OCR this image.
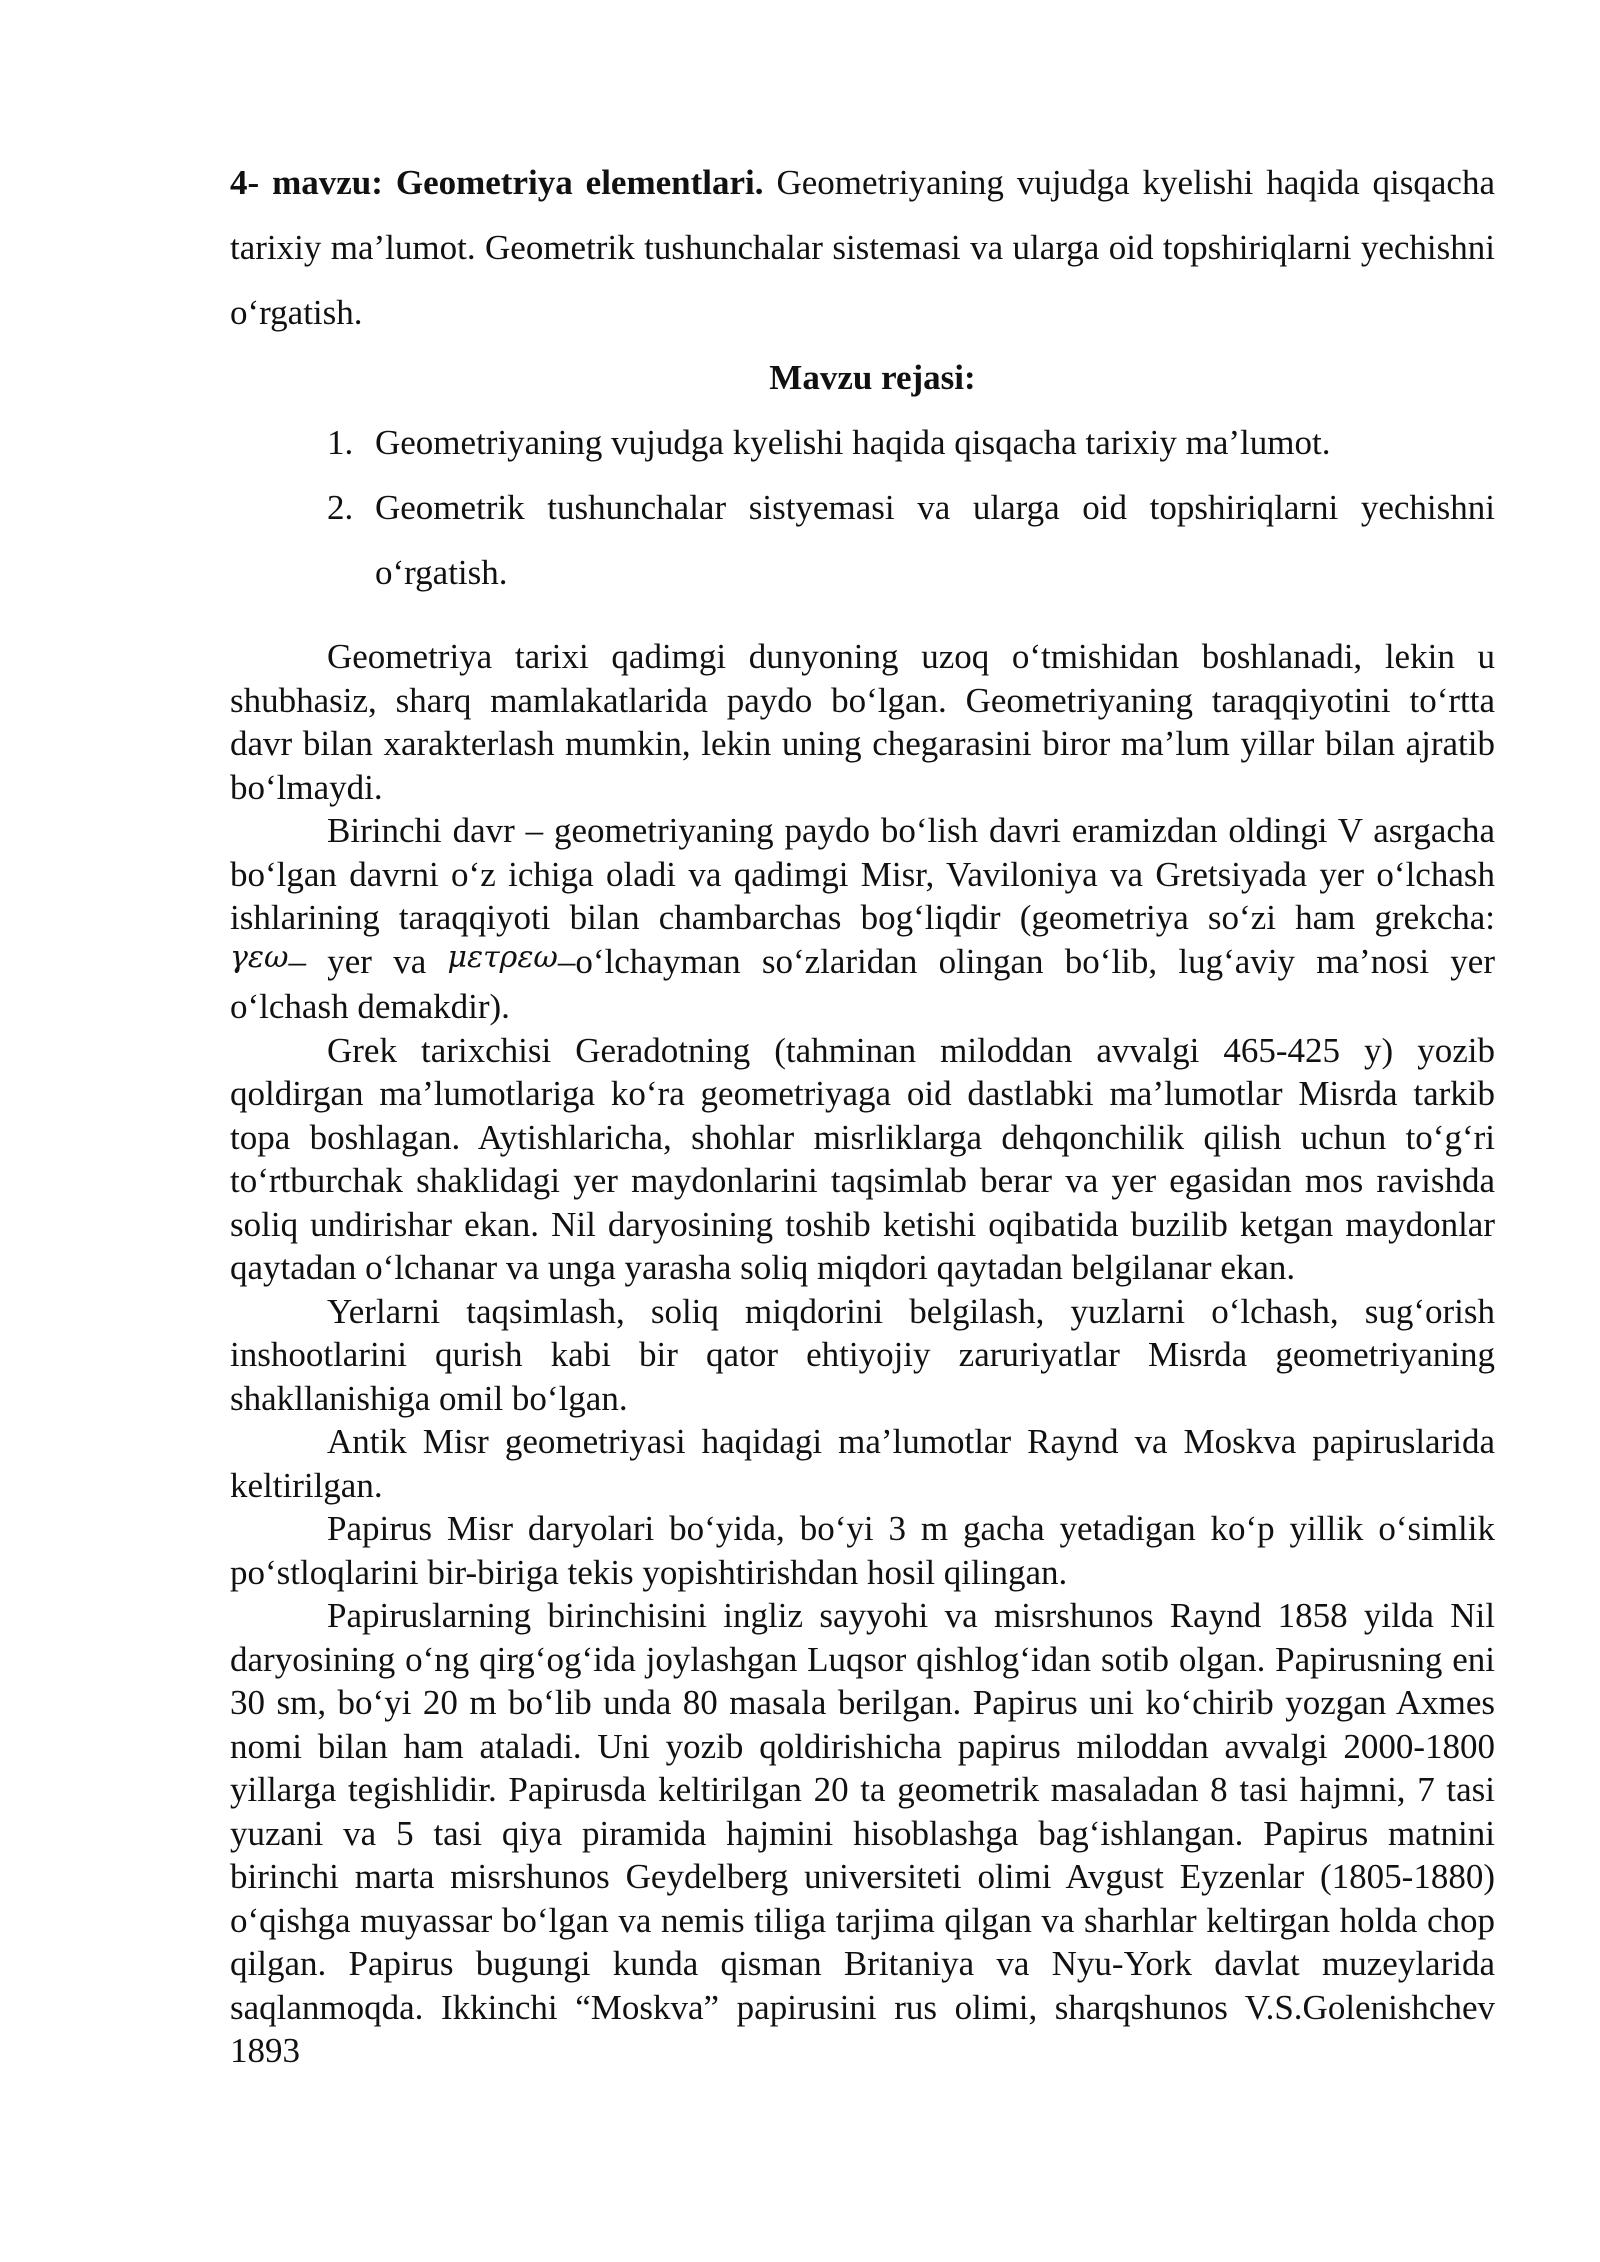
4- mavzu: Geometriya elementlari. Geometriyaning vujudga kyelishi haqida qisqacha tarixiy ma’lumot. Geometrik tushunchalar sistemasi va ularga oid topshiriqlarni yechishni o‘rgatish.

Mavzu rejasi:

1. Geometriyaning vujudga kyelishi haqida qisqacha tarixiy ma’lumot.
2. Geometrik tushunchalar sistyemasi va ularga oid topshiriqlarni yechishni o‘rgatish.

Geometriya tarixi qadimgi dunyoning uzoq o‘tmishidan boshlanadi, lekin u shubhasiz, sharq mamlakatlarida paydo bo‘lgan. Geometriyaning taraqqiyotini to‘rtta davr bilan xarakterlash mumkin, lekin uning chegarasini biror ma’lum yillar bilan ajratib bo‘lmaydi.

Birinchi davr – geometriyaning paydo bo‘lish davri eramizdan oldingi V asrgacha bo‘lgan davrni o‘z ichiga oladi va qadimgi Misr, Vaviloniya va Gretsiyada yer o‘lchash ishlarining taraqqiyoti bilan chambarchas bog‘liqdir (geometriya so‘zi ham grekcha: γεω– yer va μετρεω–o‘lchayman so‘zlaridan olingan bo‘lib, lug‘aviy ma’nosi yer o‘lchash demakdir).

Grek tarixchisi Geradotning (tahminan miloddan avvalgi 465-425 y) yozib qoldirgan ma’lumotlariga ko‘ra geometriyaga oid dastlabki ma’lumotlar Misrda tarkib topa boshlagan. Aytishlaricha, shohlar misrliklarga dehqonchilik qilish uchun to‘g‘ri to‘rtburchak shaklidagi yer maydonlarini taqsimlab berar va yer egasidan mos ravishda soliq undirishar ekan. Nil daryosining toshib ketishi oqibatida buzilib ketgan maydonlar qaytadan o‘lchanar va unga yarasha soliq miqdori qaytadan belgilanar ekan.

Yerlarni taqsimlash, soliq miqdorini belgilash, yuzlarni o‘lchash, sug‘orish inshootlarini qurish kabi bir qator ehtiyojiy zaruriyatlar Misrda geometriyaning shakllanishiga omil bo‘lgan.

Antik Misr geometriyasi haqidagi ma’lumotlar Raynd va Moskva papiruslarida keltirilgan.

Papirus Misr daryolari bo‘yida, bo‘yi 3 m gacha yetadigan ko‘p yillik o‘simlik po‘stloqlarini bir-biriga tekis yopishtirishdan hosil qilingan.

Papiruslarning birinchisini ingliz sayyohi va misrshunos Raynd 1858 yilda Nil daryosining o‘ng qirg‘og‘ida joylashgan Luqsor qishlog‘idan sotib olgan. Papirusning eni 30 sm, bo‘yi 20 m bo‘lib unda 80 masala berilgan. Papirus uni ko‘chirib yozgan Axmes nomi bilan ham ataladi. Uni yozib qoldirishicha papirus miloddan avvalgi 2000-1800 yillarga tegishlidir. Papirusda keltirilgan 20 ta geometrik masaladan 8 tasi hajmni, 7 tasi yuzani va 5 tasi qiya piramida hajmini hisoblashga bag‘ishlangan. Papirus matnini birinchi marta misrshunos Geydelberg universiteti olimi Avgust Eyzenlar (1805-1880) o‘qishga muyassar bo‘lgan va nemis tiliga tarjima qilgan va sharhlar keltirgan holda chop qilgan. Papirus bugungi kunda qisman Britaniya va Nyu-York davlat muzeylarida saqlanmoqda. Ikkinchi “Moskva” papirusini rus olimi, sharqshunos V.S.Golenishchev 1893
